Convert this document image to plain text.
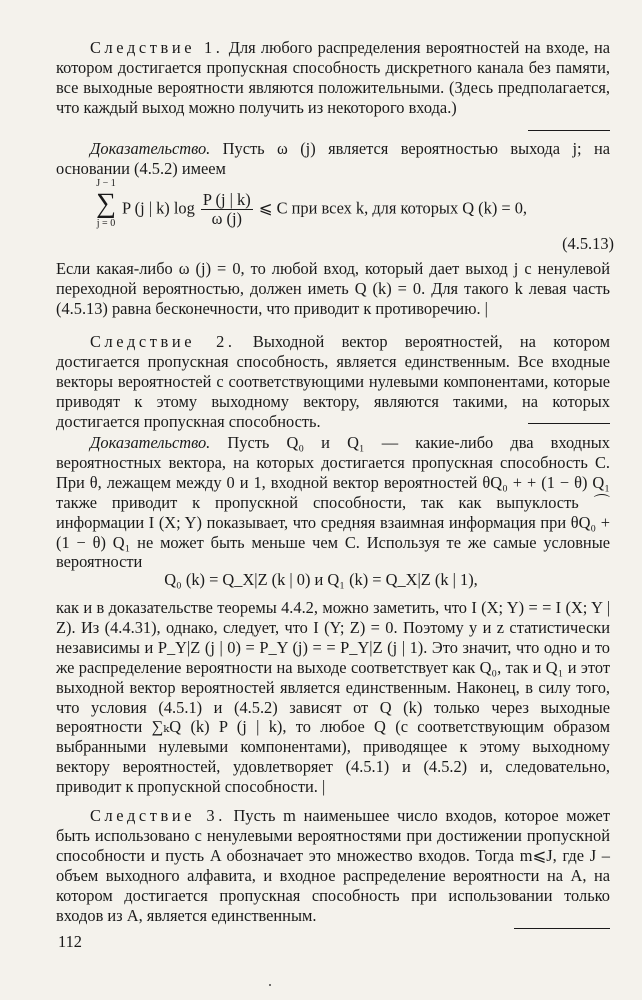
Следствие 1. Для любого распределения вероятностей на входе, на котором достигается пропускная способность дискретного канала без памяти, все выходные вероятности являются положительными. (Здесь предполагается, что каждый выход можно получить из некоторого входа.)

Доказательство. Пусть ω (j) является вероятностью выхода j; на основании (4.5.2) имеем

J − 1
∑
j = 0
P (j | k) $\log \frac{P (j | k)}{\omega (j)}$ ⩽ C при всех k, для которых Q (k) = 0,
(4.5.13)

Если какая-либо ω (j) = 0, то любой вход, который дает выход j с ненулевой переходной вероятностью, должен иметь Q (k) = 0. Для такого k левая часть (4.5.13) равна бесконечности, что приводит к противоречию. |

Следствие 2. Выходной вектор вероятностей, на котором достигается пропускная способность, является единственным. Все входные векторы вероятностей с соответствующими нулевыми компонентами, которые приводят к этому выходному вектору, являются такими, на которых достигается пропускная способность.

Доказательство. Пусть Q₀ и Q₁ — какие-либо два входных вероятностных вектора, на которых достигается пропускная способность C. При θ, лежащем между 0 и 1, входной вектор вероятностей θQ₀ + + (1 − θ) Q₁ также приводит к пропускной способности, так как выпуклость ⌒ информации I (X; Y) показывает, что средняя взаимная информация при θQ₀ + (1 − θ) Q₁ не может быть меньше чем C. Используя те же самые условные вероятности

Q₀ (k) = Q_X|Z (k | 0) и Q₁ (k) = Q_X|Z (k | 1),

как и в доказательстве теоремы 4.4.2, можно заметить, что I (X; Y) = = I (X; Y | Z). Из (4.4.31), однако, следует, что I (Y; Z) = 0. Поэтому y и z статистически независимы и P_Y|Z (j | 0) = P_Y (j) = = P_Y|Z (j | 1). Это значит, что одно и то же распределение вероятности на выходе соответствует как Q₀, так и Q₁ и этот выходной вектор вероятностей является единственным. Наконец, в силу того, что условия (4.5.1) и (4.5.2) зависят от Q (k) только через выходные вероятности ∑ₖQ (k) P (j | k), то любое Q (с соответствующим образом выбранными нулевыми компонентами), приводящее к этому выходному вектору вероятностей, удовлетворяет (4.5.1) и (4.5.2) и, следовательно, приводит к пропускной способности. |

Следствие 3. Пусть m наименьшее число входов, которое может быть использовано с ненулевыми вероятностями при достижении пропускной способности и пусть A обозначает это множество входов. Тогда m⩽J, где J – объем выходного алфавита, и входное распределение вероятности на A, на котором достигается пропускная способность при использовании только входов из A, является единственным.

112
